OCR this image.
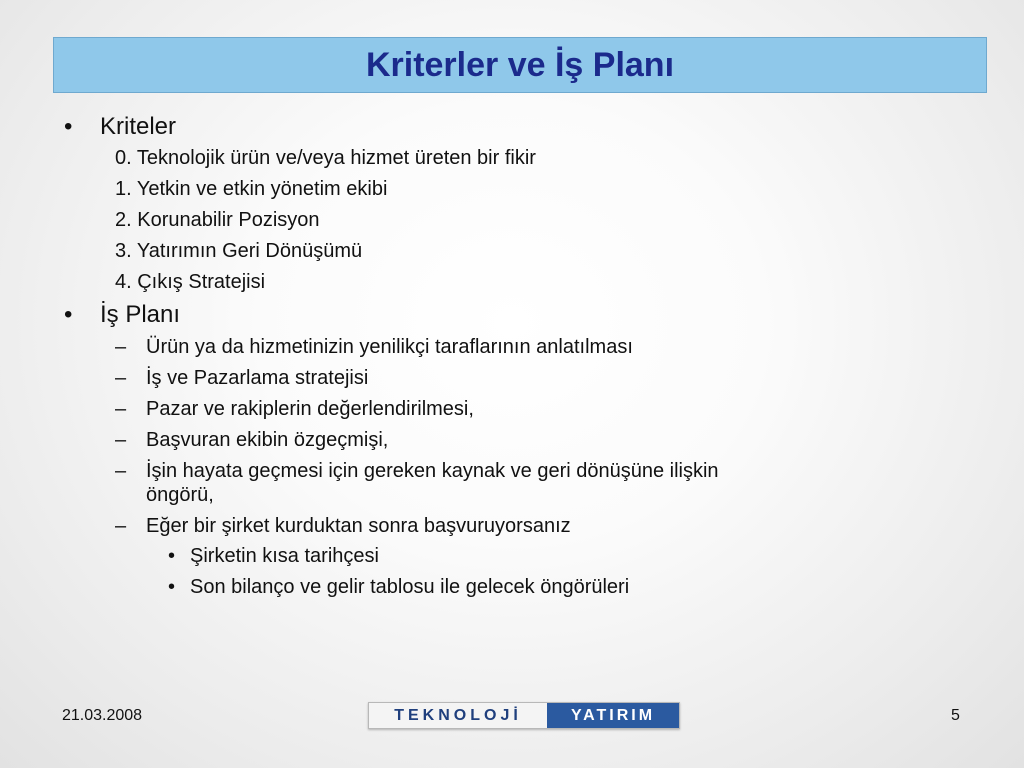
Kriterler ve İş Planı
• Kriteler
0. Teknolojik ürün ve/veya hizmet üreten bir fikir
1. Yetkin ve etkin yönetim ekibi
2. Korunabilir Pozisyon
3. Yatırımın Geri Dönüşümü
4. Çıkış Stratejisi
• İş Planı
– Ürün ya da hizmetinizin yenilikçi taraflarının anlatılması
– İş ve Pazarlama stratejisi
– Pazar ve rakiplerin değerlendirilmesi,
– Başvuran ekibin özgeçmişi,
– İşin hayata geçmesi için gereken kaynak ve geri dönüşüne ilişkin
öngörü,
– Eğer bir şirket kurduktan sonra başvuruyorsanız
• Şirketin kısa tarihçesi
• Son bilanço ve gelir tablosu ile gelecek öngörüleri
21.03.2008	TEKNOLOJİ	YATIRIM	5
